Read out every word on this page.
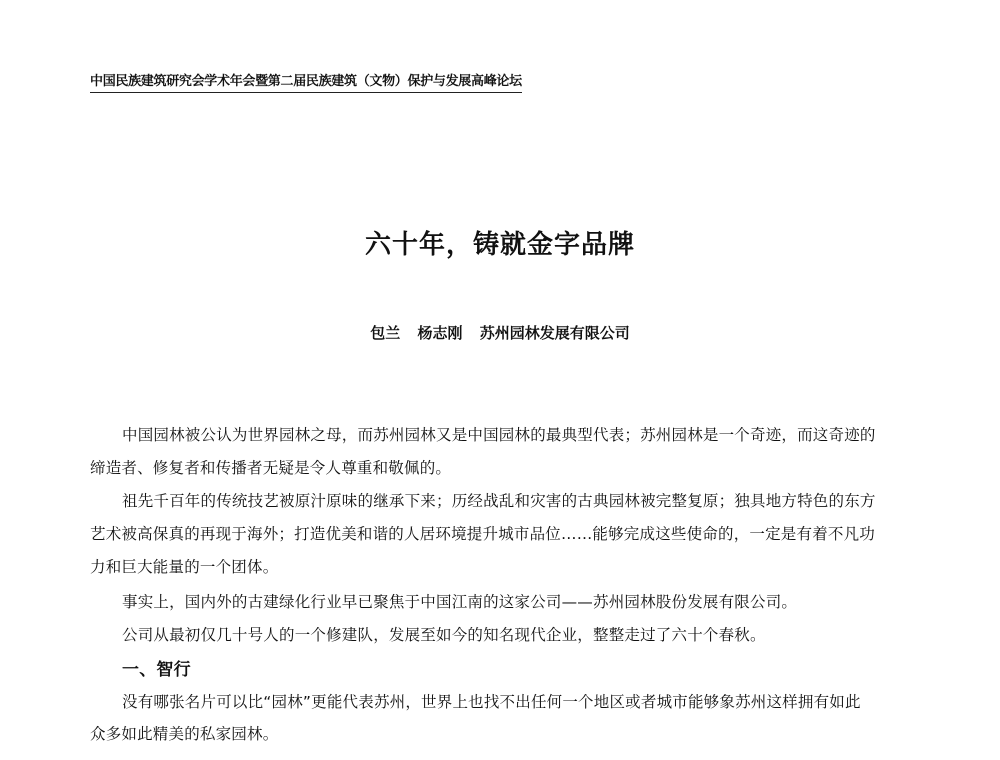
中国民族建筑研究会学术年会暨第二届民族建筑（文物）保护与发展高峰论坛
六十年，铸就金字品牌
包兰 杨志刚 苏州园林发展有限公司
中国园林被公认为世界园林之母，而苏州园林又是中国园林的最典型代表；苏州园林是一个奇迹，而这奇迹的
缔造者、修复者和传播者无疑是令人尊重和敬佩的。
祖先千百年的传统技艺被原汁原味的继承下来；历经战乱和灾害的古典园林被完整复原；独具地方特色的东方
艺术被高保真的再现于海外；打造优美和谐的人居环境提升城市品位……能够完成这些使命的，一定是有着不凡功
力和巨大能量的一个团体。
事实上，国内外的古建绿化行业早已聚焦于中国江南的这家公司——苏州园林股份发展有限公司。
公司从最初仅几十号人的一个修建队，发展至如今的知名现代企业，整整走过了六十个春秋。
一、智行
没有哪张名片可以比“园林”更能代表苏州，世界上也找不出任何一个地区或者城市能够象苏州这样拥有如此
众多如此精美的私家园林。
